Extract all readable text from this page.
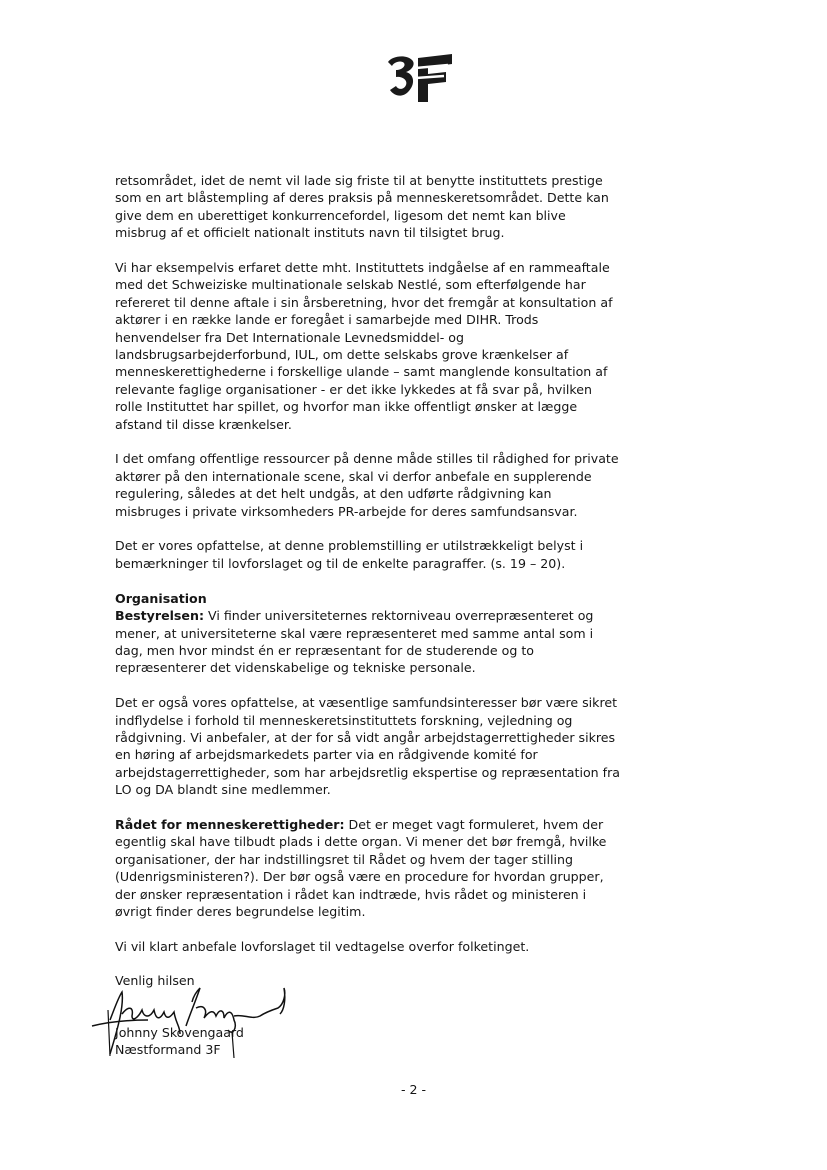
retsområdet, idet de nemt vil lade sig friste til at benytte instituttets prestige som en art blåstempling af deres praksis på menneskeretsområdet. Dette kan give dem en uberettiget konkurrencefordel, ligesom det nemt kan blive misbrug af et officielt nationalt instituts navn til tilsigtet brug.

Vi har eksempelvis erfaret dette mht. Instituttets indgåelse af en rammeaftale med det Schweiziske multinationale selskab Nestlé, som efterfølgende har refereret til denne aftale i sin årsberetning, hvor det fremgår at konsultation af aktører i en række lande er foregået i samarbejde med DIHR. Trods henvendelser fra Det Internationale Levnedsmiddel- og landsbrugsarbejderforbund, IUL, om dette selskabs grove krænkelser af menneskerettighederne i forskellige ulande – samt manglende konsultation af relevante faglige organisationer - er det ikke lykkedes at få svar på, hvilken rolle Instituttet har spillet, og hvorfor man ikke offentligt ønsker at lægge afstand til disse krænkelser.

I det omfang offentlige ressourcer på denne måde stilles til rådighed for private aktører på den internationale scene, skal vi derfor anbefale en supplerende regulering, således at det helt undgås, at den udførte rådgivning kan misbruges i private virksomheders PR-arbejde for deres samfundsansvar.

Det er vores opfattelse, at denne problemstilling er utilstrækkeligt belyst i bemærkninger til lovforslaget og til de enkelte paragraffer. (s. 19 – 20).

Organisation
Bestyrelsen: Vi finder universiteternes rektorniveau overrepræsenteret og mener, at universiteterne skal være repræsenteret med samme antal som i dag, men hvor mindst én er repræsentant for de studerende og to repræsenterer det videnskabelige og tekniske personale.

Det er også vores opfattelse, at væsentlige samfundsinteresser bør være sikret indflydelse i forhold til menneskeretsinstituttets forskning, vejledning og rådgivning. Vi anbefaler, at der for så vidt angår arbejdstagerrettigheder sikres en høring af arbejdsmarkedets parter via en rådgivende komité for arbejdstagerrettigheder, som har arbejdsretlig ekspertise og repræsentation fra LO og DA blandt sine medlemmer.

Rådet for menneskerettigheder: Det er meget vagt formuleret, hvem der egentlig skal have tilbudt plads i dette organ. Vi mener det bør fremgå, hvilke organisationer, der har indstillingsret til Rådet og hvem der tager stilling (Udenrigsministeren?). Der bør også være en procedure for hvordan grupper, der ønsker repræsentation i rådet kan indtræde, hvis rådet og ministeren i øvrigt finder deres begrundelse legitim.

Vi vil klart anbefale lovforslaget til vedtagelse overfor folketinget.

Venlig hilsen
Johnny Skovengaard
Næstformand 3F
- 2 -
